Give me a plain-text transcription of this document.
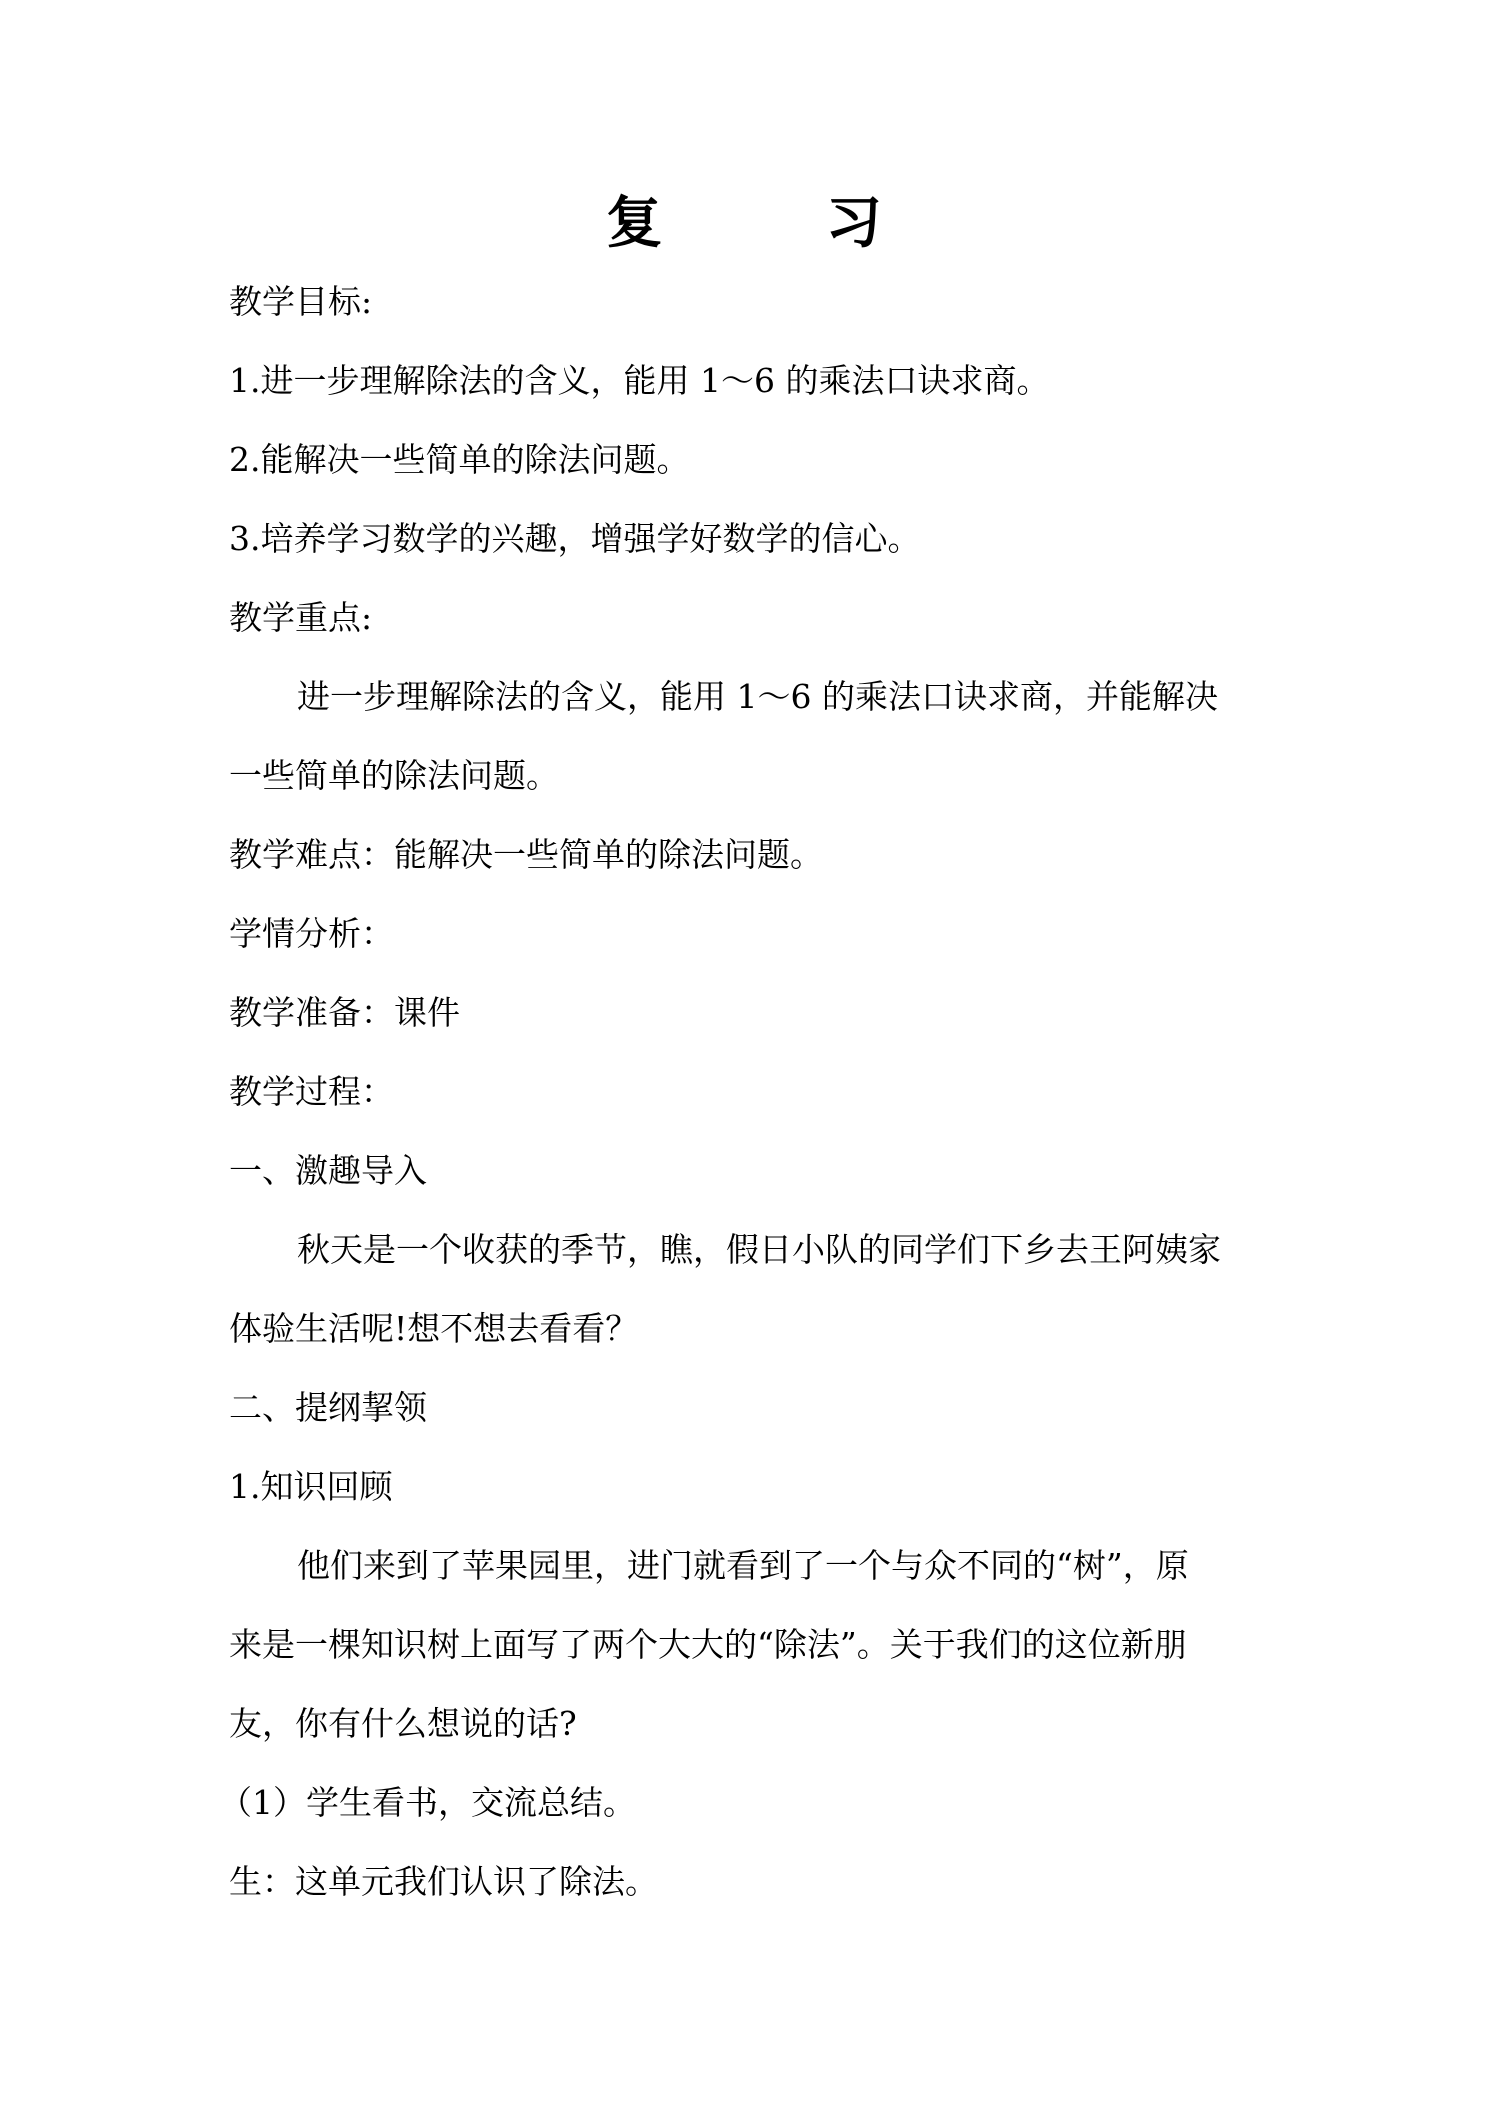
复 习
教学目标:
1.进一步理解除法的含义，能用 1～6 的乘法口诀求商。
2.能解决一些简单的除法问题。
3.培养学习数学的兴趣，增强学好数学的信心。
教学重点:
进一步理解除法的含义，能用 1～6 的乘法口诀求商，并能解决
一些简单的除法问题。
教学难点：能解决一些简单的除法问题。
学情分析：
教学准备：课件
教学过程：
一、激趣导入
秋天是一个收获的季节，瞧，假日小队的同学们下乡去王阿姨家
体验生活呢!想不想去看看？
二、提纲挈领
1.知识回顾
他们来到了苹果园里，进门就看到了一个与众不同的“树”，原
来是一棵知识树上面写了两个大大的“除法”。关于我们的这位新朋
友，你有什么想说的话?
（1）学生看书，交流总结。
生：这单元我们认识了除法。
